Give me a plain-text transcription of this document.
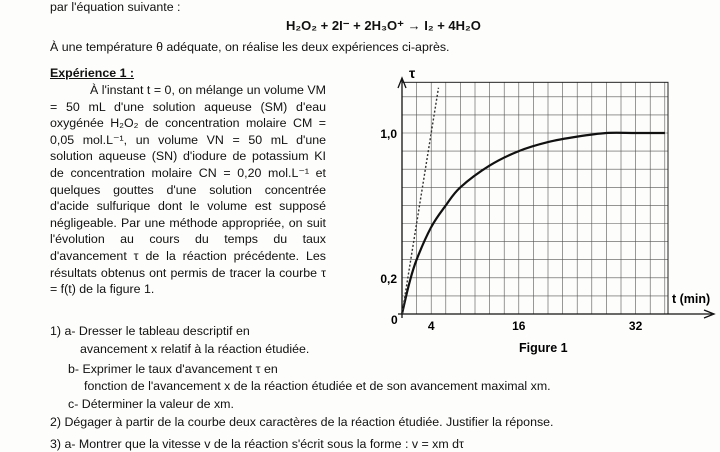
par l'équation suivante :
H₂O₂ + 2I⁻ + 2H₃O⁺ → I₂ + 4H₂O
À une température θ adéquate, on réalise les deux expériences ci-après.
Expérience 1 :

À l'instant t = 0, on mélange un volume VM = 50 mL d'une solution aqueuse (SM) d'eau oxygénée H₂O₂ de concentration molaire CM = 0,05 mol.L⁻¹, un volume VN = 50 mL d'une solution aqueuse (SN) d'iodure de potassium KI de concentration molaire CN = 0,20 mol.L⁻¹ et quelques gouttes d'une solution concentrée d'acide sulfurique dont le volume est supposé négligeable. Par une méthode appropriée, on suit l'évolution au cours du temps du taux d'avancement τ de la réaction précédente. Les résultats obtenus ont permis de tracer la courbe τ = f(t) de la figure 1.

1) a- Dresser le tableau descriptif en
avancement x relatif à la réaction étudiée.
b- Exprimer le taux d'avancement τ en
fonction de l'avancement x de la réaction étudiée et de son avancement maximal xm.
c- Déterminer la valeur de xm.
2) Dégager à partir de la courbe deux caractères de la réaction étudiée. Justifier la réponse.
3) a- Montrer que la vitesse v de la réaction s'écrit sous la forme : v = xm dτ
4	16	32
0,2
1,0
τ
t (min)
0
Figure 1
